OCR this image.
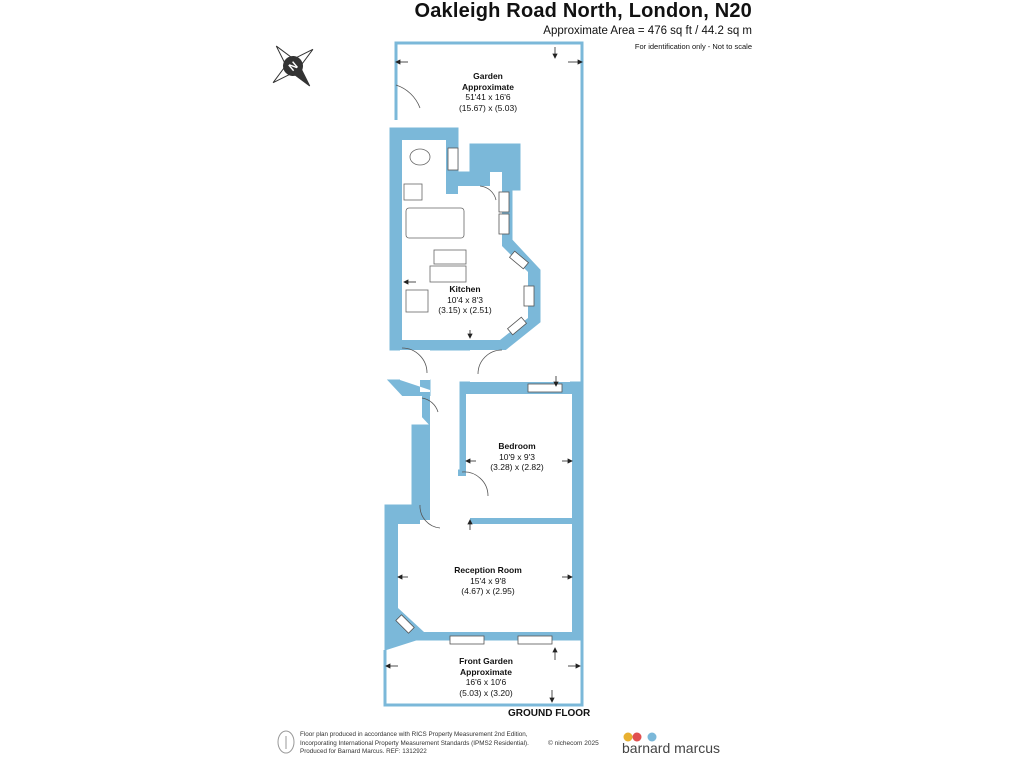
Oakleigh Road North, London, N20
Approximate Area = 476 sq ft / 44.2 sq m
For identification only - Not to scale
N
Garden
Approximate
51'41 x 16'6
(15.67) x (5.03)
Kitchen
10'4 x 8'3
(3.15) x (2.51)
Bedroom
10'9 x 9'3
(3.28) x (2.82)
Reception Room
15'4 x 9'8
(4.67) x (2.95)
Front Garden
Approximate
16'6 x 10'6
(5.03) x (3.20)
GROUND FLOOR
Floor plan produced in accordance with RICS Property Measurement 2nd Edition,
Incorporating International Property Measurement Standards (IPMS2 Residential).
Produced for Barnard Marcus. REF: 1312922
© nichecom 2025 barnard marcus
